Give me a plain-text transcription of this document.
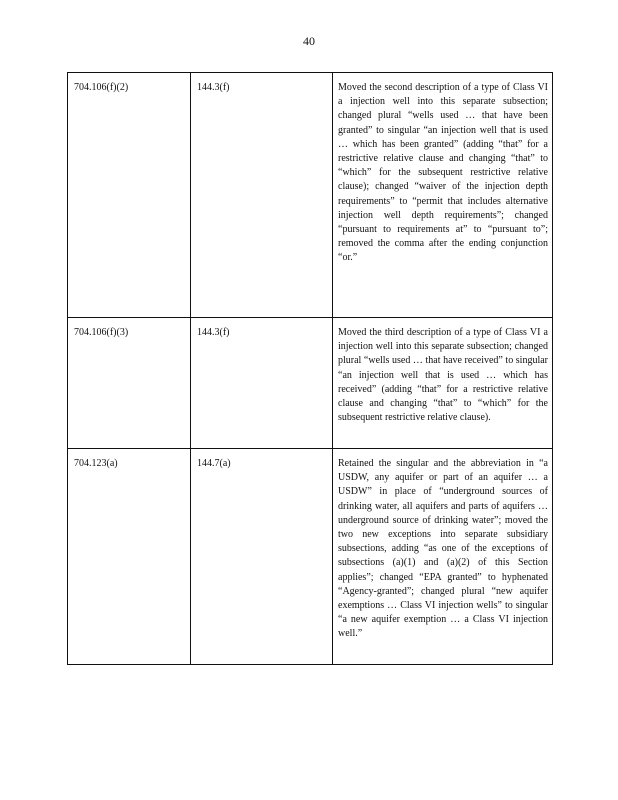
40
704.106(f)(2)	144.3(f)	Moved the second description of a type of Class VI a injection well into this separate subsection; changed plural “wells used … that have been granted” to singular “an injection well that is used … which has been granted” (adding “that” for a restrictive relative clause and changing “that” to “which” for the subsequent restrictive relative clause); changed “waiver of the injection depth requirements” to “permit that includes alternative injection well depth requirements”; changed “pursuant to requirements at” to “pursuant to”; removed the comma after the ending conjunction “or.”

704.106(f)(3)	144.3(f)	Moved the third description of a type of Class VI a injection well into this separate subsection; changed plural “wells used … that have received” to singular “an injection well that is used … which has received” (adding “that” for a restrictive relative clause and changing “that” to “which” for the subsequent restrictive relative clause).

704.123(a)	144.7(a)	Retained the singular and the abbreviation in “a USDW, any aquifer or part of an aquifer … a USDW” in place of “underground sources of drinking water, all aquifers and parts of aquifers … underground source of drinking water”; moved the two new exceptions into separate subsidiary subsections, adding “as one of the exceptions of subsections (a)(1) and (a)(2) of this Section applies”; changed “EPA granted” to hyphenated “Agency-granted”; changed plural “new aquifer exemptions … Class VI injection wells” to singular “a new aquifer exemption … a Class VI injection well.”
